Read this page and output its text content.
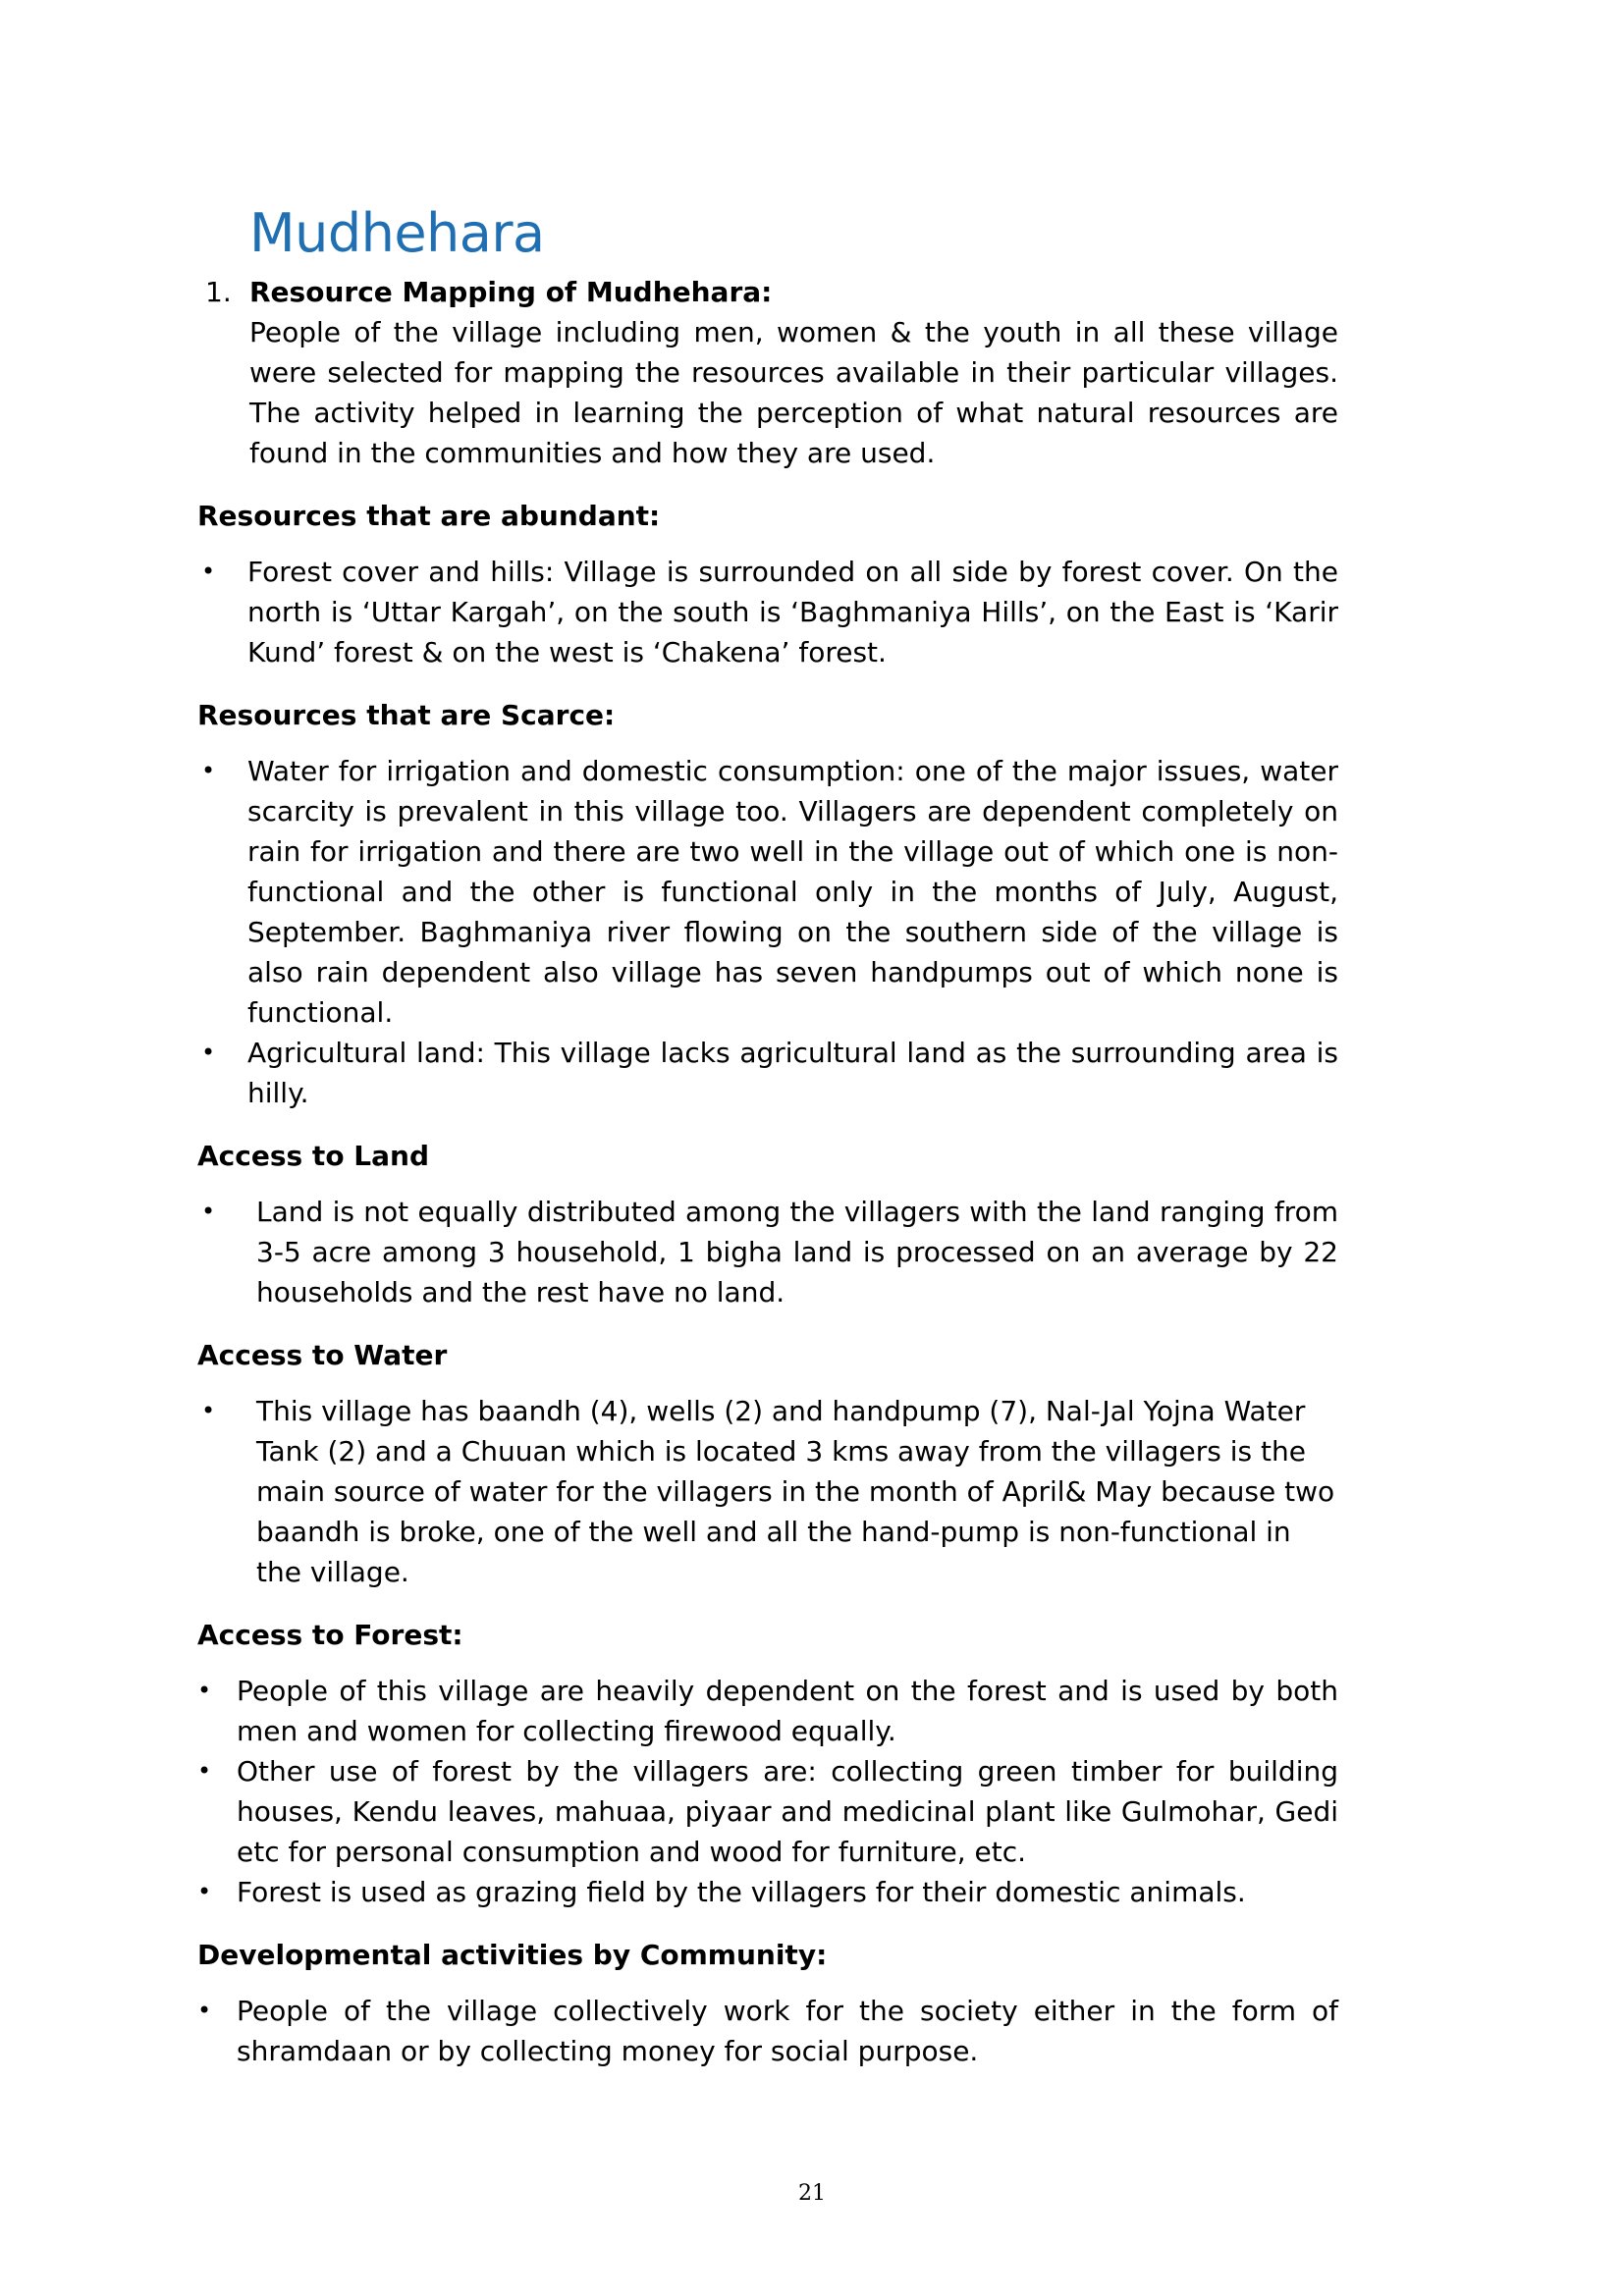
Mudhehara
1. Resource Mapping of Mudhehara:

People of the village including men, women & the youth in all these village were selected for mapping the resources available in their particular villages. The activity helped in learning the perception of what natural resources are found in the communities and how they are used.

Resources that are abundant:
• Forest cover and hills: Village is surrounded on all side by forest cover. On the north is ‘Uttar Kargah’, on the south is ‘Baghmaniya Hills’, on the East is ‘Karir Kund’ forest & on the west is ‘Chakena’ forest.
Resources that are Scarce:
• Water for irrigation and domestic consumption: one of the major issues, water scarcity is prevalent in this village too. Villagers are dependent completely on rain for irrigation and there are two well in the village out of which one is non-functional and the other is functional only in the months of July, August, September. Baghmaniya river flowing on the southern side of the village is also rain dependent also village has seven handpumps out of which none is functional.
• Agricultural land: This village lacks agricultural land as the surrounding area is hilly.
Access to Land
• Land is not equally distributed among the villagers with the land ranging from 3-5 acre among 3 household, 1 bigha land is processed on an average by 22 households and the rest have no land.
Access to Water
• This village has baandh (4), wells (2) and handpump (7), Nal-Jal Yojna Water Tank (2) and a Chuuan which is located 3 kms away from the villagers is the main source of water for the villagers in the month of April& May because two baandh is broke, one of the well and all the hand-pump is non-functional in the village.
Access to Forest:
• People of this village are heavily dependent on the forest and is used by both men and women for collecting firewood equally.
• Other use of forest by the villagers are: collecting green timber for building houses, Kendu leaves, mahuaa, piyaar and medicinal plant like Gulmohar, Gedi etc for personal consumption and wood for furniture, etc.
• Forest is used as grazing field by the villagers for their domestic animals.
Developmental activities by Community:
• People of the village collectively work for the society either in the form of shramdaan or by collecting money for social purpose.
21
